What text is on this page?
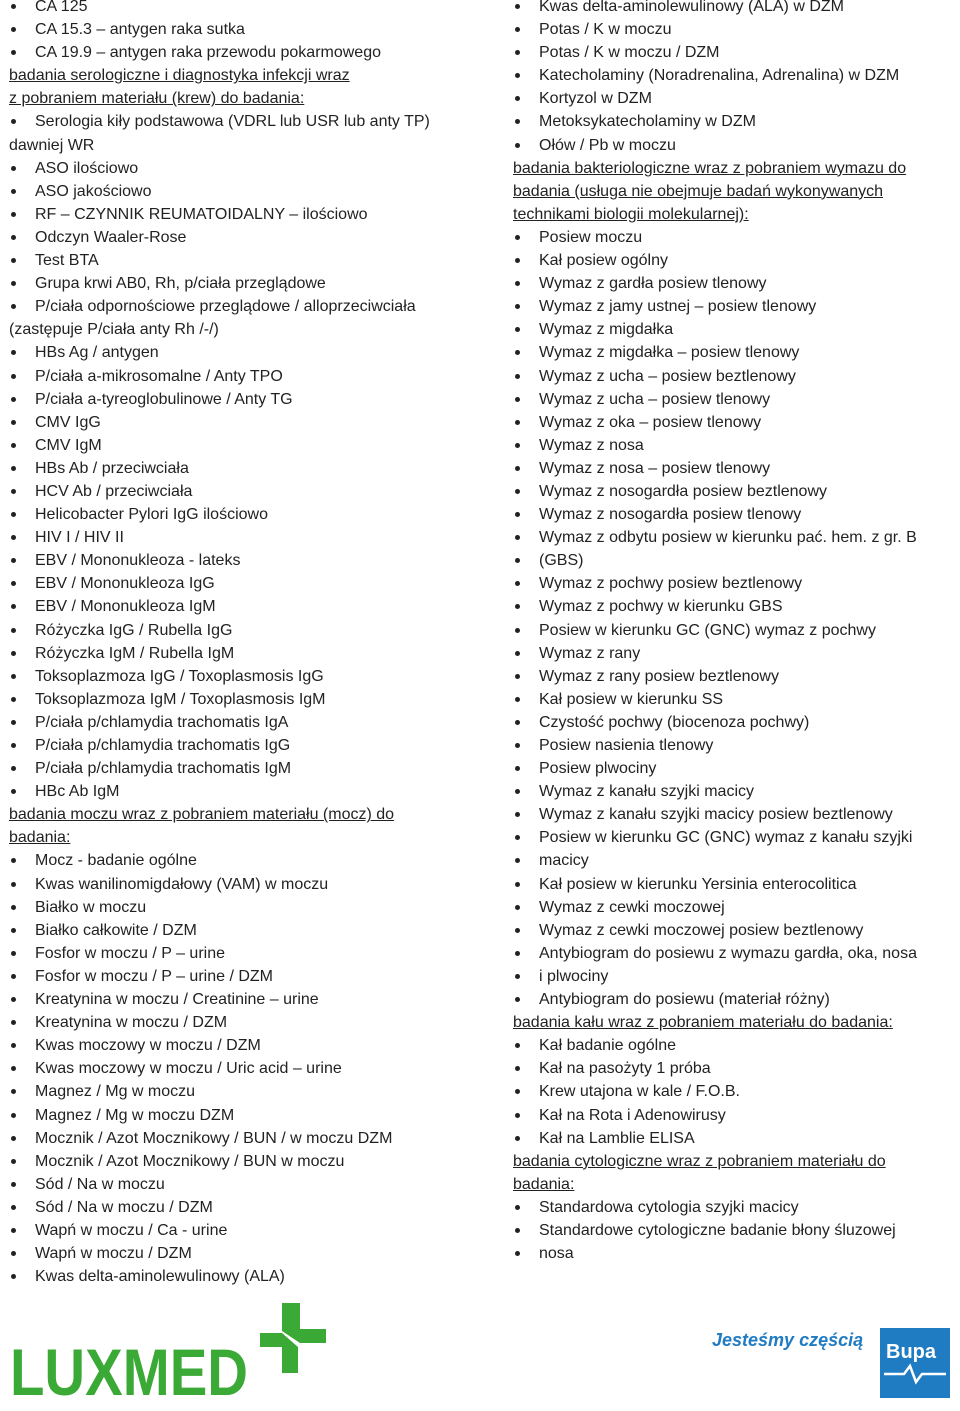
CA 125
CA 15.3 – antygen raka sutka
CA 19.9 – antygen raka przewodu pokarmowego
badania serologiczne i diagnostyka infekcji wraz
z pobraniem materiału (krew) do badania:
Serologia kiły podstawowa (VDRL lub USR lub anty TP)
dawniej WR
ASO ilościowo
ASO jakościowo
RF – CZYNNIK REUMATOIDALNY – ilościowo
Odczyn Waaler-Rose
Test BTA
Grupa krwi AB0, Rh, p/ciała przeglądowe
P/ciała odpornościowe przeglądowe / alloprzeciwciała
(zastępuje P/ciała anty Rh /-/)
HBs Ag / antygen
P/ciała a-mikrosomalne / Anty TPO
P/ciała a-tyreoglobulinowe / Anty TG
CMV IgG
CMV IgM
HBs Ab / przeciwciała
HCV Ab / przeciwciała
Helicobacter Pylori IgG ilościowo
HIV I / HIV II
EBV / Mononukleoza - lateks
EBV / Mononukleoza IgG
EBV / Mononukleoza IgM
Różyczka IgG / Rubella IgG
Różyczka IgM / Rubella IgM
Toksoplazmoza IgG / Toxoplasmosis IgG
Toksoplazmoza IgM / Toxoplasmosis IgM
P/ciała p/chlamydia trachomatis IgA
P/ciała p/chlamydia trachomatis IgG
P/ciała p/chlamydia trachomatis IgM
HBc Ab IgM
badania moczu wraz z pobraniem materiału (mocz) do
badania:
Mocz - badanie ogólne
Kwas wanilinomigdałowy (VAM) w moczu
Białko w moczu
Białko całkowite / DZM
Fosfor w moczu / P – urine
Fosfor w moczu / P – urine / DZM
Kreatynina w moczu / Creatinine – urine
Kreatynina w moczu / DZM
Kwas moczowy w moczu / DZM
Kwas moczowy w moczu / Uric acid – urine
Magnez / Mg w moczu
Magnez / Mg w moczu DZM
Mocznik / Azot Mocznikowy / BUN / w moczu DZM
Mocznik / Azot Mocznikowy / BUN w moczu
Sód / Na w moczu
Sód / Na w moczu / DZM
Wapń w moczu / Ca - urine
Wapń w moczu / DZM
Kwas delta-aminolewulinowy (ALA)
Kwas delta-aminolewulinowy (ALA) w DZM
Potas / K w moczu
Potas / K w moczu / DZM
Katecholaminy (Noradrenalina, Adrenalina) w DZM
Kortyzol w DZM
Metoksykatecholaminy w DZM
Ołów / Pb w moczu
badania bakteriologiczne wraz z pobraniem wymazu do
badania (usługa nie obejmuje badań wykonywanych
technikami biologii molekularnej):
Posiew moczu
Kał posiew ogólny
Wymaz z gardła posiew tlenowy
Wymaz z jamy ustnej – posiew tlenowy
Wymaz z migdałka
Wymaz z migdałka – posiew tlenowy
Wymaz z ucha – posiew beztlenowy
Wymaz z ucha – posiew tlenowy
Wymaz z oka – posiew tlenowy
Wymaz z nosa
Wymaz z nosa – posiew tlenowy
Wymaz z nosogardła posiew beztlenowy
Wymaz z nosogardła posiew tlenowy
Wymaz z odbytu posiew w kierunku pać. hem. z gr. B
(GBS)
Wymaz z pochwy posiew beztlenowy
Wymaz z pochwy w kierunku GBS
Posiew w kierunku GC (GNC) wymaz z pochwy
Wymaz z rany
Wymaz z rany posiew beztlenowy
Kał posiew w kierunku SS
Czystość pochwy (biocenoza pochwy)
Posiew nasienia tlenowy
Posiew plwociny
Wymaz z kanału szyjki macicy
Wymaz z kanału szyjki macicy posiew beztlenowy
Posiew w kierunku GC (GNC) wymaz z kanału szyjki
macicy
Kał posiew w kierunku Yersinia enterocolitica
Wymaz z cewki moczowej
Wymaz z cewki moczowej posiew beztlenowy
Antybiogram do posiewu z wymazu gardła, oka, nosa
i plwociny
Antybiogram do posiewu (materiał różny)
badania kału wraz z pobraniem materiału do badania:
Kał badanie ogólne
Kał na pasożyty 1 próba
Krew utajona w kale / F.O.B.
Kał na Rota i Adenowirusy
Kał na Lamblie ELISA
badania cytologiczne wraz z pobraniem materiału do
badania:
Standardowa cytologia szyjki macicy
Standardowe cytologiczne badanie błony śluzowej
nosa
LUXMED	Jesteśmy częścią
Bupa
